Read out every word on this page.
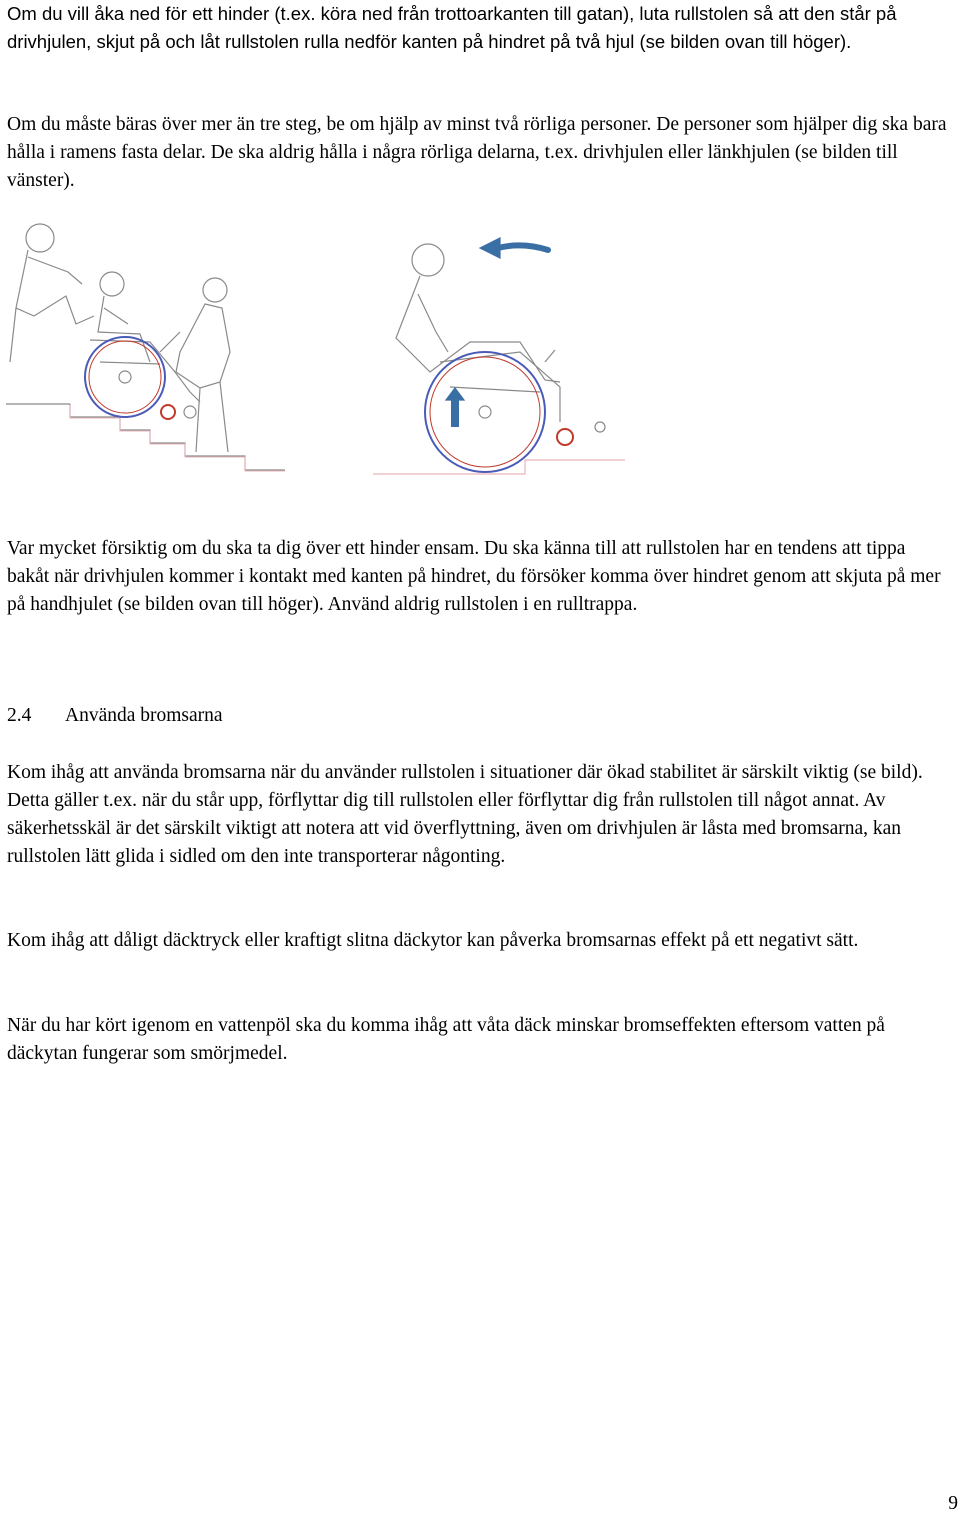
Om du vill åka ned för ett hinder (t.ex. köra ned från trottoarkanten till gatan), luta rullstolen så att den står på drivhjulen, skjut på och låt rullstolen rulla nedför kanten på hindret på två hjul (se bilden ovan till höger).

Om du måste bäras över mer än tre steg, be om hjälp av minst två rörliga personer. De personer som hjälper dig ska bara hålla i ramens fasta delar. De ska aldrig hålla i några rörliga delarna, t.ex. drivhjulen eller länkhjulen (se bilden till vänster).

Var mycket försiktig om du ska ta dig över ett hinder ensam. Du ska känna till att rullstolen har en tendens att tippa bakåt när drivhjulen kommer i kontakt med kanten på hindret, du försöker komma över hindret genom att skjuta på mer på handhjulet (se bilden ovan till höger). Använd aldrig rullstolen i en rulltrappa.

2.4 Använda bromsarna

Kom ihåg att använda bromsarna när du använder rullstolen i situationer där ökad stabilitet är särskilt viktig (se bild). Detta gäller t.ex. när du står upp, förflyttar dig till rullstolen eller förflyttar dig från rullstolen till något annat. Av säkerhetsskäl är det särskilt viktigt att notera att vid överflyttning, även om drivhjulen är låsta med bromsarna, kan rullstolen lätt glida i sidled om den inte transporterar någonting.

Kom ihåg att dåligt däcktryck eller kraftigt slitna däckytor kan påverka bromsarnas effekt på ett negativt sätt.

När du har kört igenom en vattenpöl ska du komma ihåg att våta däck minskar bromseffekten eftersom vatten på däckytan fungerar som smörjmedel.

9
